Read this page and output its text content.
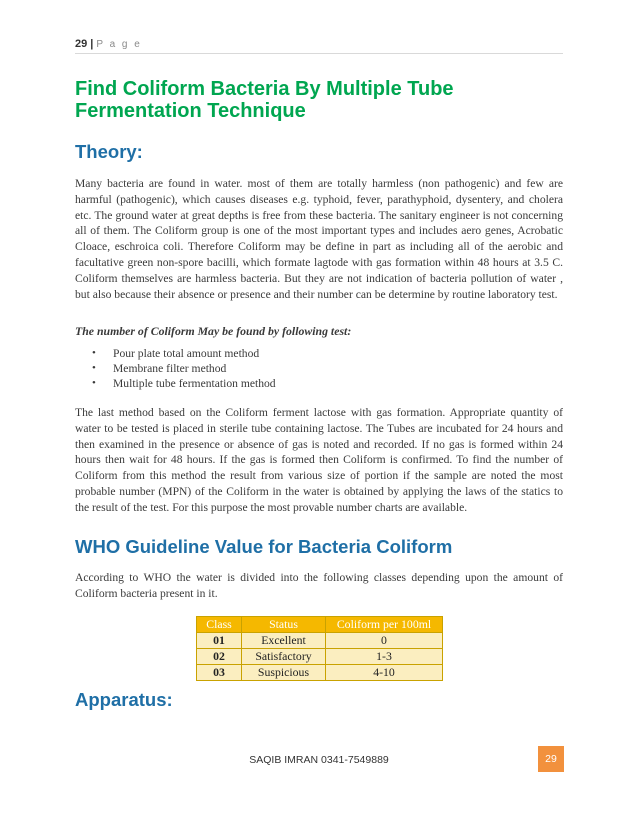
29 | P a g e
Find Coliform Bacteria By Multiple Tube Fermentation Technique
Theory:

Many bacteria are found in water. most of them are totally harmless (non pathogenic) and few are harmful (pathogenic), which causes diseases e.g. typhoid, fever, parathyphoid, dysentery, and cholera etc. The ground water at great depths is free from these bacteria. The sanitary engineer is not concerning all of them. The Coliform group is one of the most important types and includes aero genes, Acrobatic Cloace, eschroica coli. Therefore Coliform may be define in part as including all of the aerobic and facultative green non-spore bacilli, which formate lagtode with gas formation within 48 hours at 3.5 C. Coliform themselves are harmless bacteria. But they are not indication of bacteria pollution of water , but also because their absence or presence and their number can be determine by routine laboratory test.

The number of Coliform May be found by following test:

• Pour plate total amount method
• Membrane filter method
• Multiple tube fermentation method

The last method based on the Coliform ferment lactose with gas formation. Appropriate quantity of water to be tested is placed in sterile tube containing lactose. The Tubes are incubated for 24 hours and then examined in the presence or absence of gas is noted and recorded. If no gas is formed within 24 hours then wait for 48 hours. If the gas is formed then Coliform is confirmed. To find the number of Coliform from this method the result from various size of portion if the sample are noted the most probable number (MPN) of the Coliform in the water is obtained by applying the laws of the statics to the result of the test. For this purpose the most provable number charts are available.

WHO Guideline Value for Bacteria Coliform

According to WHO the water is divided into the following classes depending upon the amount of Coliform bacteria present in it.

Class	Status	Coliform per 100ml
01	Excellent	0
02	Satisfactory	1-3
03	Suspicious	4-10
Apparatus:
SAQIB IMRAN 0341-7549889	29
